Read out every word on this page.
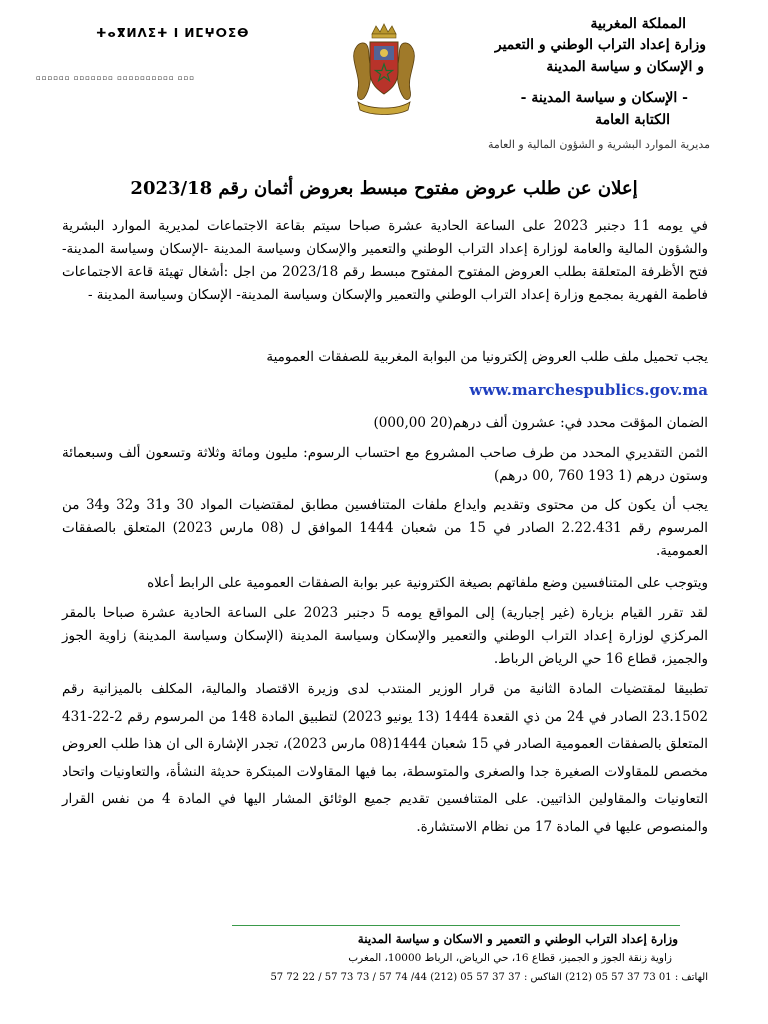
المملكة المغربية
وزارة إعداد التراب الوطني و التعمير
و الإسكان و سياسة المدينة
- الإسكان و سياسة المدينة -
الكتابة العامة
مديرية الموارد البشرية و الشؤون المالية و العامة
ⵜⴰⴳⵍⴷⵉⵜ ⵏ ⵍⵎⵖⵔⵉⴱ
▫▫▫▫▫▫ ▫▫▫▫▫▫▫ ▫▫▫▫▫▫▫▫▫▫ ▫▫▫
إعلان عن طلب عروض مفتوح مبسط بعروض أثمان رقم 2023/18
في يومه 11 دجنبر 2023 على الساعة الحادية عشرة صباحا سيتم بقاعة الاجتماعات لمديرية الموارد البشرية والشؤون المالية والعامة لوزارة إعداد التراب الوطني والتعمير والإسكان وسياسة المدينة -الإسكان وسياسة المدينة- فتح الأظرفة المتعلقة بطلب العروض المفتوح المفتوح مبسط رقم 2023/18 من اجل :أشغال تهيئة قاعة الاجتماعات فاطمة الفهرية بمجمع وزارة إعداد التراب الوطني والتعمير والإسكان وسياسة المدينة- الإسكان وسياسة المدينة -
يجب تحميل ملف طلب العروض إلكترونيا من البوابة المغربية للصفقات العمومية
www.marchespublics.gov.ma
الضمان المؤقت محدد في: عشرون ألف درهم(20 000,00)
الثمن التقديري المحدد من طرف صاحب المشروع مع احتساب الرسوم: مليون ومائة وثلاثة وتسعون ألف وسبعمائة وستون درهم (1 193 760 ,00 درهم)
يجب أن يكون كل من محتوى وتقديم وايداع ملفات المتنافسين مطابق لمقتضيات المواد 30 و31 و32 و34 من المرسوم رقم 2.22.431 الصادر في 15 من شعبان 1444 الموافق ل (08 مارس 2023) المتعلق بالصفقات العمومية.
ويتوجب على المتنافسين وضع ملفاتهم بصيغة الكترونية عبر بوابة الصفقات العمومية على الرابط أعلاه
لقد تقرر القيام بزيارة (غير إجبارية) إلى المواقع يومه 5 دجنبر 2023 على الساعة الحادية عشرة صباحا بالمقر المركزي لوزارة إعداد التراب الوطني والتعمير والإسكان وسياسة المدينة (الإسكان وسياسة المدينة) زاوية الجوز والجميز، قطاع 16 حي الرياض الرباط.
تطبيقا لمقتضيات المادة الثانية من قرار الوزير المنتدب لدى وزيرة الاقتصاد والمالية، المكلف بالميزانية رقم 23.1502 الصادر في 24 من ذي القعدة 1444 (13 يونيو 2023) لتطبيق المادة 148 من المرسوم رقم 2-22-431 المتعلق بالصفقات العمومية الصادر في 15 شعبان 1444(08 مارس 2023)، تجدر الإشارة الى ان هذا طلب العروض مخصص للمقاولات الصغيرة جدا والصغرى والمتوسطة، بما فيها المقاولات المبتكرة حديثة النشأة، والتعاونيات واتحاد التعاونيات والمقاولين الذاتيين. على المتنافسين تقديم جميع الوثائق المشار اليها في المادة 4 من نفس القرار والمنصوص عليها في المادة 17 من نظام الاستشارة.
وزارة إعداد التراب الوطني و التعمير و الاسكان و سياسة المدينة
زاوية زنقة الجوز و الجميز، قطاع 16، حي الرياض، الرباط 10000، المغرب
الهاتف : 01 73 37 57 05 (212) الفاكس : 37 37 57 05 (212) 44/ 74 57 / 73 73 57 / 22 72 57
